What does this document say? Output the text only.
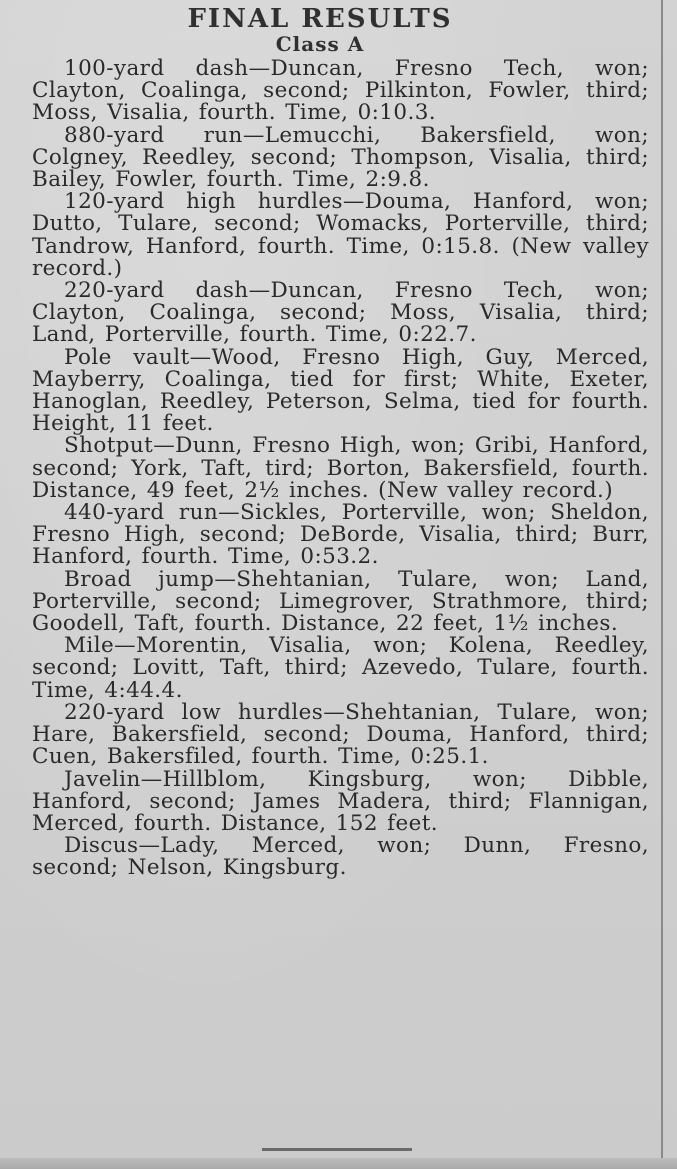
FINAL RESULTS
Class A

100-yard dash—Duncan, Fresno Tech, won; Clayton, Coalinga, second; Pilkinton, Fowler, third; Moss, Visalia, fourth. Time, 0:10.3.

880-yard run—Lemucchi, Bakersfield, won; Colgney, Reedley, second; Thompson, Visalia, third; Bailey, Fowler, fourth. Time, 2:9.8.

120-yard high hurdles—Douma, Hanford, won; Dutto, Tulare, second; Womacks, Porterville, third; Tandrow, Hanford, fourth. Time, 0:15.8. (New valley record.)

220-yard dash—Duncan, Fresno Tech, won; Clayton, Coalinga, second; Moss, Visalia, third; Land, Porterville, fourth. Time, 0:22.7.

Pole vault—Wood, Fresno High, Guy, Merced, Mayberry, Coalinga, tied for first; White, Exeter, Hanoglan, Reedley, Peterson, Selma, tied for fourth. Height, 11 feet.

Shotput—Dunn, Fresno High, won; Gribi, Hanford, second; York, Taft, tird; Borton, Bakersfield, fourth. Distance, 49 feet, 2½ inches. (New valley record.)

440-yard run—Sickles, Porterville, won; Sheldon, Fresno High, second; DeBorde, Visalia, third; Burr, Hanford, fourth. Time, 0:53.2.

Broad jump—Shehtanian, Tulare, won; Land, Porterville, second; Limegrover, Strathmore, third; Goodell, Taft, fourth. Distance, 22 feet, 1½ inches.

Mile—Morentin, Visalia, won; Kolena, Reedley, second; Lovitt, Taft, third; Azevedo, Tulare, fourth. Time, 4:44.4.

220-yard low hurdles—Shehtanian, Tulare, won; Hare, Bakersfield, second; Douma, Hanford, third; Cuen, Bakersfiled, fourth. Time, 0:25.1.

Javelin—Hillblom, Kingsburg, won; Dibble, Hanford, second; James Madera, third; Flannigan, Merced, fourth. Distance, 152 feet.

Discus—Lady, Merced, won; Dunn, Fresno, second; Nelson, Kingsburg.
